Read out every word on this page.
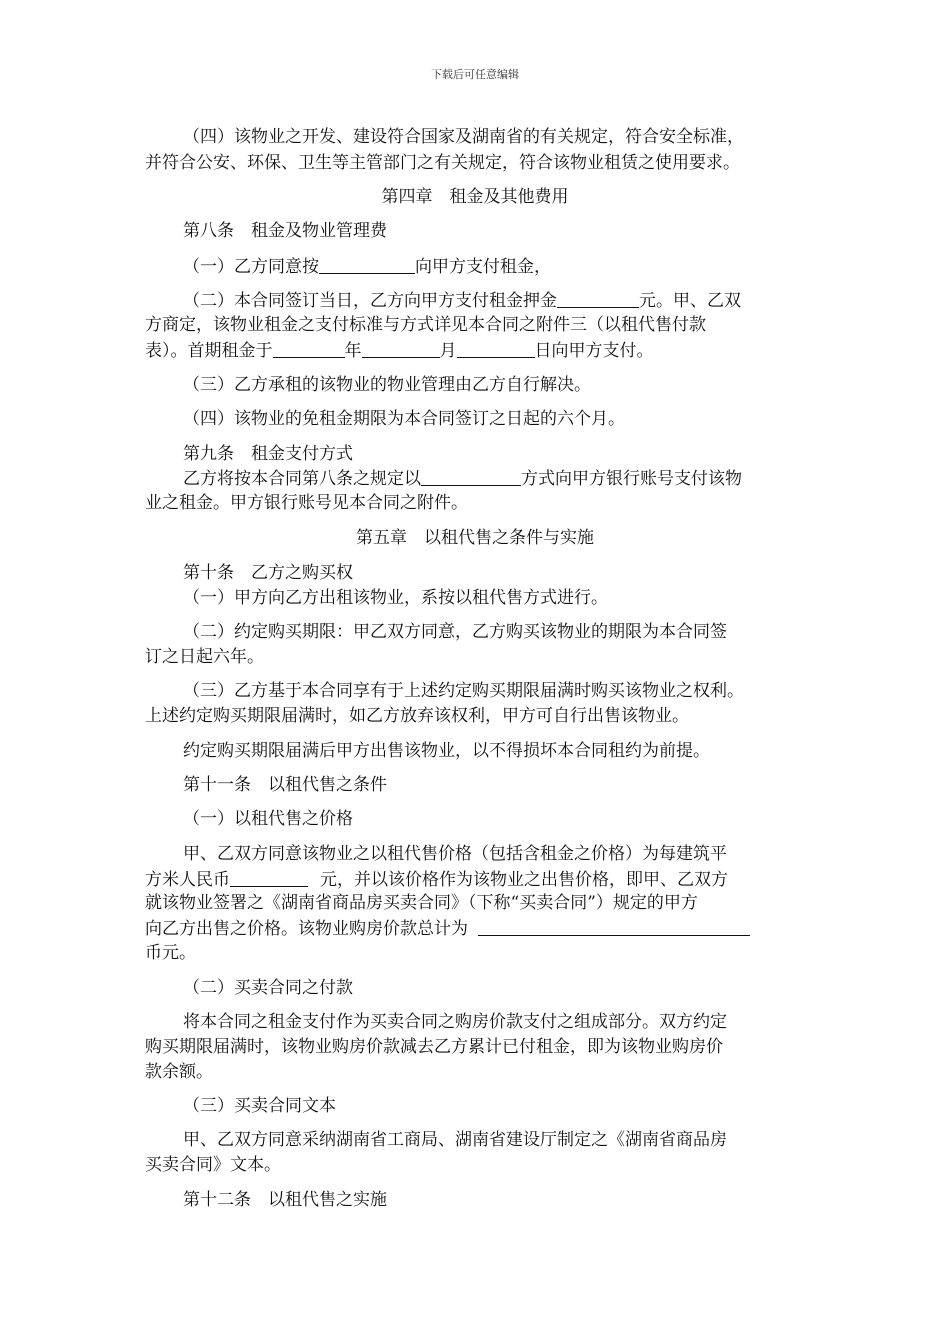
下载后可任意编辑
（四）该物业之开发、建设符合国家及湖南省的有关规定，符合安全标准，
并符合公安、环保、卫生等主管部门之有关规定，符合该物业租赁之使用要求。
第四章　租金及其他费用
第八条　租金及物业管理费
（一）乙方同意按	向甲方支付租金，
（二）本合同签订当日，乙方向甲方支付租金押金	元。甲、乙双
方商定，该物业租金之支付标准与方式详见本合同之附件三（以租代售付款
表）。首期租金于	年	月	日向甲方支付。
（三）乙方承租的该物业的物业管理由乙方自行解决。
（四）该物业的免租金期限为本合同签订之日起的六个月。
第九条　租金支付方式
乙方将按本合同第八条之规定以	方式向甲方银行账号支付该物
业之租金。甲方银行账号见本合同之附件。
第五章　以租代售之条件与实施
第十条　乙方之购买权
（一）甲方向乙方出租该物业，系按以租代售方式进行。
（二）约定购买期限：甲乙双方同意，乙方购买该物业的期限为本合同签
订之日起六年。
（三）乙方基于本合同享有于上述约定购买期限届满时购买该物业之权利。
上述约定购买期限届满时，如乙方放弃该权利，甲方可自行出售该物业。
约定购买期限届满后甲方出售该物业，以不得损坏本合同租约为前提。
第十一条　以租代售之条件
（一）以租代售之价格
甲、乙双方同意该物业之以租代售价格（包括含租金之价格）为每建筑平
方米人民币	元，并以该价格作为该物业之出售价格，即甲、乙双方
就该物业签署之《湖南省商品房买卖合同》（下称“买卖合同”）规定的甲方
向乙方出售之价格。该物业购房价款总计为
币元。
（二）买卖合同之付款
将本合同之租金支付作为买卖合同之购房价款支付之组成部分。双方约定
购买期限届满时，该物业购房价款减去乙方累计已付租金，即为该物业购房价
款余额。
（三）买卖合同文本
甲、乙双方同意采纳湖南省工商局、湖南省建设厅制定之《湖南省商品房
买卖合同》文本。
第十二条　以租代售之实施
